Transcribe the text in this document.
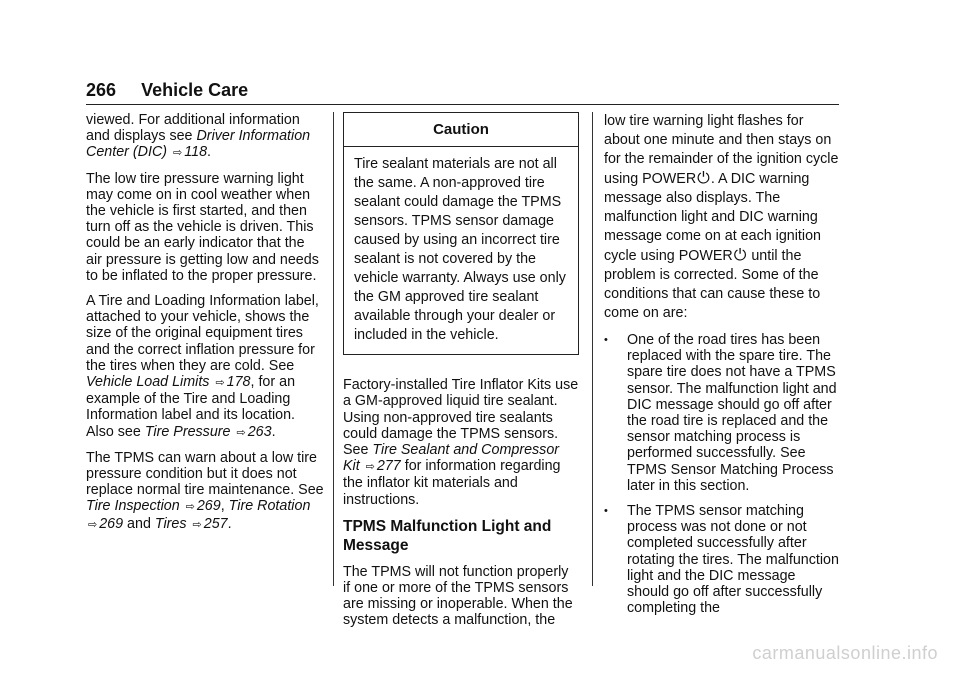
266 Vehicle Care

viewed. For additional information and displays see Driver Information Center (DIC) ⇨ 118.

The low tire pressure warning light may come on in cool weather when the vehicle is first started, and then turn off as the vehicle is driven. This could be an early indicator that the air pressure is getting low and needs to be inflated to the proper pressure.

A Tire and Loading Information label, attached to your vehicle, shows the size of the original equipment tires and the correct inflation pressure for the tires when they are cold. See Vehicle Load Limits ⇨ 178, for an example of the Tire and Loading Information label and its location. Also see Tire Pressure ⇨ 263.

The TPMS can warn about a low tire pressure condition but it does not replace normal tire maintenance. See Tire Inspection ⇨ 269, Tire Rotation ⇨ 269 and Tires ⇨ 257.

Caution
Tire sealant materials are not all the same. A non-approved tire sealant could damage the TPMS sensors. TPMS sensor damage caused by using an incorrect tire sealant is not covered by the vehicle warranty. Always use only the GM approved tire sealant available through your dealer or included in the vehicle.

Factory-installed Tire Inflator Kits use a GM-approved liquid tire sealant. Using non-approved tire sealants could damage the TPMS sensors. See Tire Sealant and Compressor Kit ⇨ 277 for information regarding the inflator kit materials and instructions.

TPMS Malfunction Light and Message

The TPMS will not function properly if one or more of the TPMS sensors are missing or inoperable. When the system detects a malfunction, the

low tire warning light flashes for about one minute and then stays on for the remainder of the ignition cycle using POWER⏻. A DIC warning message also displays. The malfunction light and DIC warning message come on at each ignition cycle using POWER⏻ until the problem is corrected. Some of the conditions that can cause these to come on are:

• One of the road tires has been replaced with the spare tire. The spare tire does not have a TPMS sensor. The malfunction light and DIC message should go off after the road tire is replaced and the sensor matching process is performed successfully. See TPMS Sensor Matching Process later in this section.
• The TPMS sensor matching process was not done or not completed successfully after rotating the tires. The malfunction light and the DIC message should go off after successfully completing the
carmanualsonline.info
